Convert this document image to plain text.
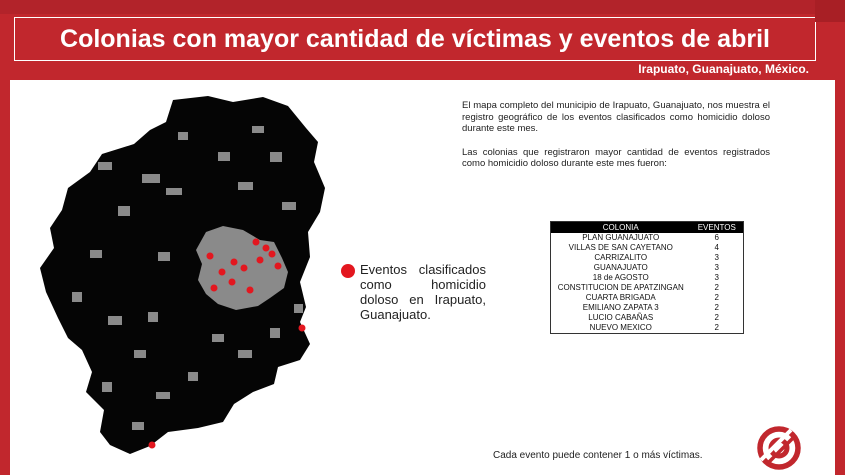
Colonias con mayor cantidad de víctimas y eventos de abril
Irapuato, Guanajuato, México.
Eventos clasificados como homicidio doloso en Irapuato, Guanajuato.

El mapa completo del municipio de Irapuato, Guanajuato, nos muestra el registro geográfico de los eventos clasificados como homicidio doloso durante este mes.

Las colonias que registraron mayor cantidad de eventos registrados como homicidio doloso durante este mes fueron:

COLONIA	EVENTOS
PLAN GUANAJUATO	6
VILLAS DE SAN CAYETANO	4
CARRIZALITO	3
GUANAJUATO	3
18 de AGOSTO	3
CONSTITUCION DE APATZINGAN	2
CUARTA BRIGADA	2
EMILIANO ZAPATA 3	2
LUCIO CABAÑAS	2
NUEVO MEXICO	2
Cada evento puede contener 1 o más víctimas.
